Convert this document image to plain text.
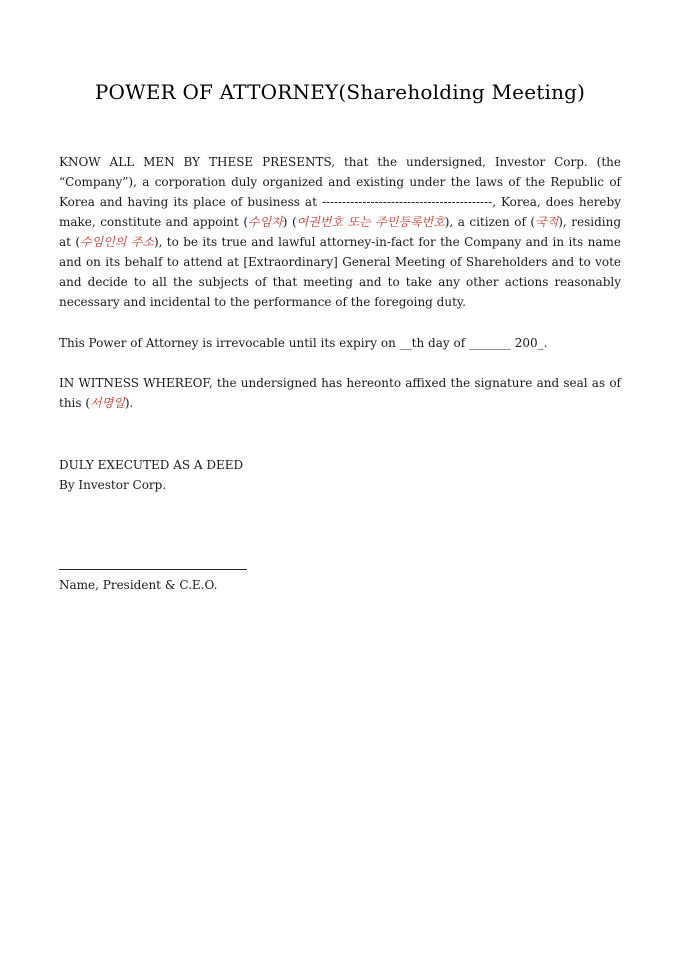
POWER OF ATTORNEY(Shareholding Meeting)
KNOW ALL MEN BY THESE PRESENTS, that the undersigned, Investor Corp. (the “Company”), a corporation duly organized and existing under the laws of the Republic of Korea and having its place of business at ------------------------------------------, Korea, does hereby make, constitute and appoint (수임자) (여권번호 또는 주민등록번호), a citizen of (국적), residing at (수임인의 주소), to be its true and lawful attorney-in-fact for the Company and in its name and on its behalf to attend at [Extraordinary] General Meeting of Shareholders and to vote and decide to all the subjects of that meeting and to take any other actions reasonably necessary and incidental to the performance of the foregoing duty.
This Power of Attorney is irrevocable until its expiry on __th day of _______ 200_.
IN WITNESS WHEREOF, the undersigned has hereonto affixed the signature and seal as of this (서명일).
DULY EXECUTED AS A DEED
By Investor Corp.
Name, President & C.E.O.
